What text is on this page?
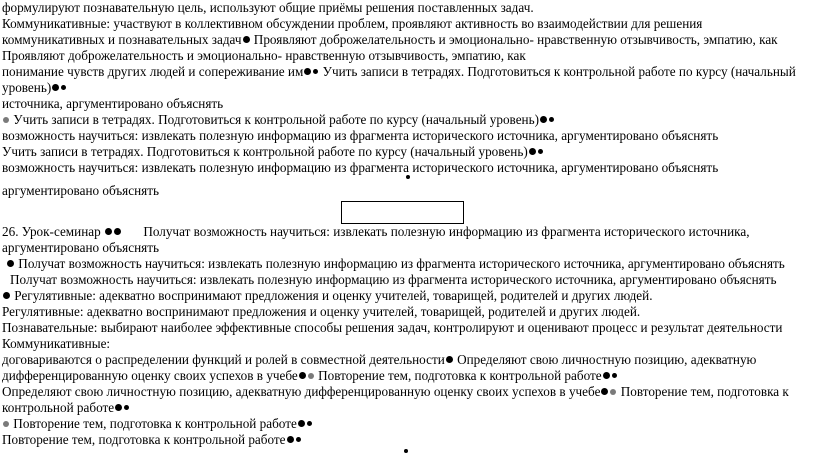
формулируют познавательную цель, используют общие приёмы решения поставленных задач.
Коммуникативные: участвуют в коллективном обсуждении проблем, проявляют активность во взаимодействии для решения
коммуникативных и познавательных задач Проявляют доброжелательность и эмоционально- нравственную отзывчивость, эмпатию, как
Проявляют доброжелательность и эмоционально- нравственную отзывчивость, эмпатию, как
понимание чувств других людей и сопереживание им Учить записи в тетрадях. Подготовиться к контрольной работе по курсу (начальный
уровень)
источника, аргументировано объяснять
Учить записи в тетрадях. Подготовиться к контрольной работе по курсу (начальный уровень)
возможность научиться: извлекать полезную информацию из фрагмента исторического источника, аргументировано объяснять
Учить записи в тетрадях. Подготовиться к контрольной работе по курсу (начальный уровень)
возможность научиться: извлекать полезную информацию из фрагмента исторического источника, аргументировано объяснять
аргументировано объяснять
26. Урок-семинар	Получат возможность научиться: извлекать полезную информацию из фрагмента исторического источника,
аргументировано объяснять
Получат возможность научиться: извлекать полезную информацию из фрагмента исторического источника, аргументировано объяснять
Получат возможность научиться: извлекать полезную информацию из фрагмента исторического источника, аргументировано объяснять
Регулятивные: адекватно воспринимают предложения и оценку учителей, товарищей, родителей и других людей.
Регулятивные: адекватно воспринимают предложения и оценку учителей, товарищей, родителей и других людей.
Познавательные: выбирают наиболее эффективные способы решения задач, контролируют и оценивают процесс и результат деятельности
Коммуникативные:
договариваются о распределении функций и ролей в совместной деятельности Определяют свою личностную позицию, адекватную
дифференцированную оценку своих успехов в учебе Повторение тем, подготовка к контрольной работе
Определяют свою личностную позицию, адекватную дифференцированную оценку своих успехов в учебе Повторение тем, подготовка к
контрольной работе
Повторение тем, подготовка к контрольной работе
Повторение тем, подготовка к контрольной работе
